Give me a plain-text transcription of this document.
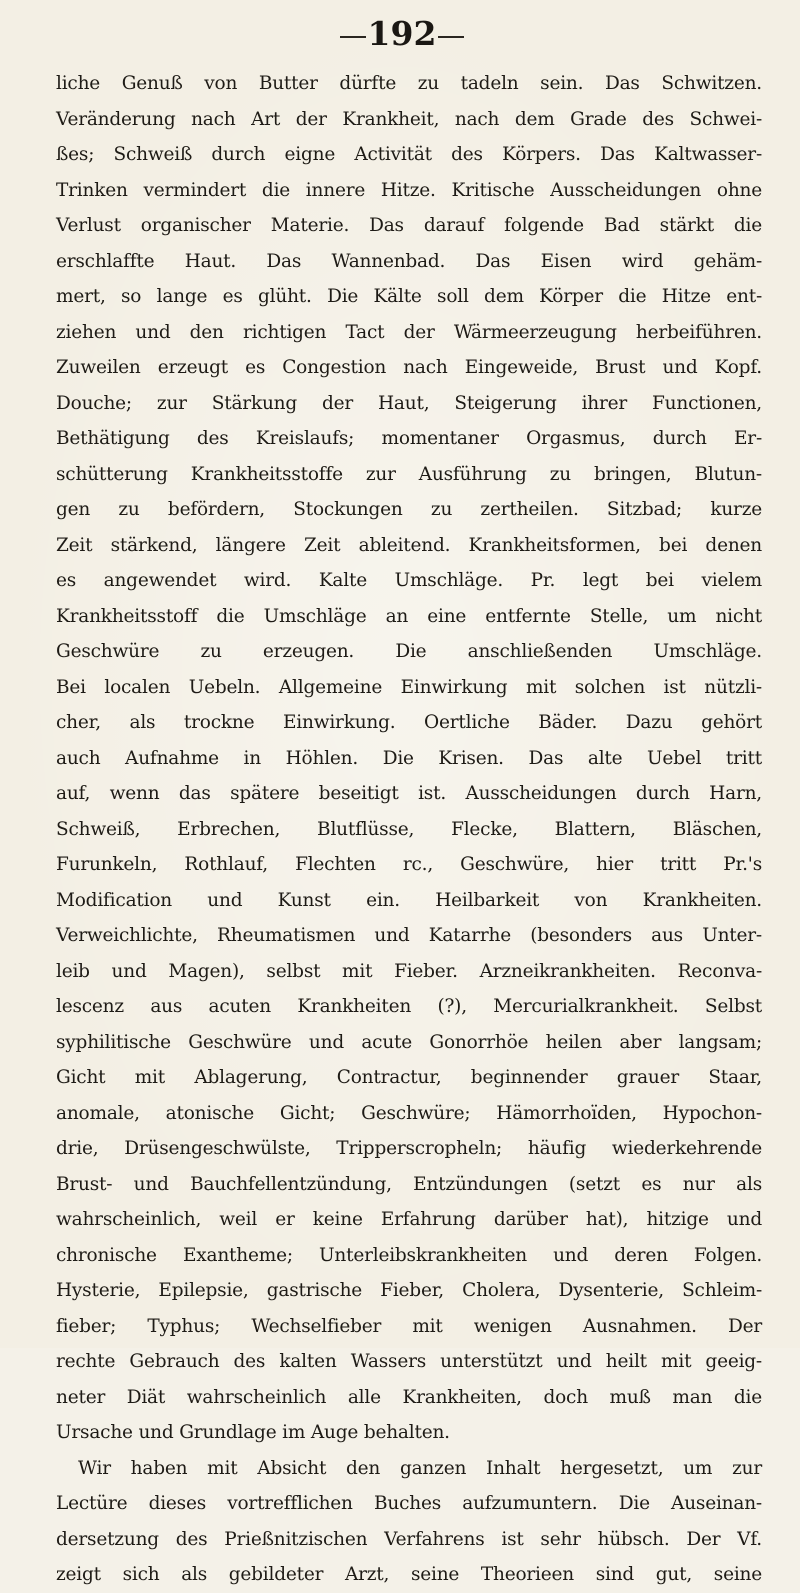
192
liche Genuß von Butter dürfte zu tadeln sein. Das Schwitzen.
Veränderung nach Art der Krankheit, nach dem Grade des Schwei-
ßes; Schweiß durch eigne Activität des Körpers. Das Kaltwasser-
Trinken vermindert die innere Hitze. Kritische Ausscheidungen ohne
Verlust organischer Materie. Das darauf folgende Bad stärkt die
erschlaffte Haut. Das Wannenbad. Das Eisen wird gehäm-
mert, so lange es glüht. Die Kälte soll dem Körper die Hitze ent-
ziehen und den richtigen Tact der Wärmeerzeugung herbeiführen.
Zuweilen erzeugt es Congestion nach Eingeweide, Brust und Kopf.
Douche; zur Stärkung der Haut, Steigerung ihrer Functionen,
Bethätigung des Kreislaufs; momentaner Orgasmus, durch Er-
schütterung Krankheitsstoffe zur Ausführung zu bringen, Blutun-
gen zu befördern, Stockungen zu zertheilen. Sitzbad; kurze
Zeit stärkend, längere Zeit ableitend. Krankheitsformen, bei denen
es angewendet wird. Kalte Umschläge. Pr. legt bei vielem
Krankheitsstoff die Umschläge an eine entfernte Stelle, um nicht
Geschwüre zu erzeugen. Die anschließenden Umschläge.
Bei localen Uebeln. Allgemeine Einwirkung mit solchen ist nützli-
cher, als trockne Einwirkung. Oertliche Bäder. Dazu gehört
auch Aufnahme in Höhlen. Die Krisen. Das alte Uebel tritt
auf, wenn das spätere beseitigt ist. Ausscheidungen durch Harn,
Schweiß, Erbrechen, Blutflüsse, Flecke, Blattern, Bläschen,
Furunkeln, Rothlauf, Flechten rc., Geschwüre, hier tritt Pr.'s
Modification und Kunst ein. Heilbarkeit von Krankheiten.
Verweichlichte, Rheumatismen und Katarrhe (besonders aus Unter-
leib und Magen), selbst mit Fieber. Arzneikrankheiten. Reconva-
lescenz aus acuten Krankheiten (?), Mercurialkrankheit. Selbst
syphilitische Geschwüre und acute Gonorrhöe heilen aber langsam;
Gicht mit Ablagerung, Contractur, beginnender grauer Staar,
anomale, atonische Gicht; Geschwüre; Hämorrhoïden, Hypochon-
drie, Drüsengeschwülste, Tripperscropheln; häufig wiederkehrende
Brust- und Bauchfellentzündung, Entzündungen (setzt es nur als
wahrscheinlich, weil er keine Erfahrung darüber hat), hitzige und
chronische Exantheme; Unterleibskrankheiten und deren Folgen.
Hysterie, Epilepsie, gastrische Fieber, Cholera, Dysenterie, Schleim-
fieber; Typhus; Wechselfieber mit wenigen Ausnahmen. Der
rechte Gebrauch des kalten Wassers unterstützt und heilt mit geeig-
neter Diät wahrscheinlich alle Krankheiten, doch muß man die
Ursache und Grundlage im Auge behalten.
Wir haben mit Absicht den ganzen Inhalt hergesetzt, um zur
Lectüre dieses vortrefflichen Buches aufzumuntern. Die Auseinan-
dersetzung des Prießnitzischen Verfahrens ist sehr hübsch. Der Vf.
zeigt sich als gebildeter Arzt, seine Theorieen sind gut, seine
